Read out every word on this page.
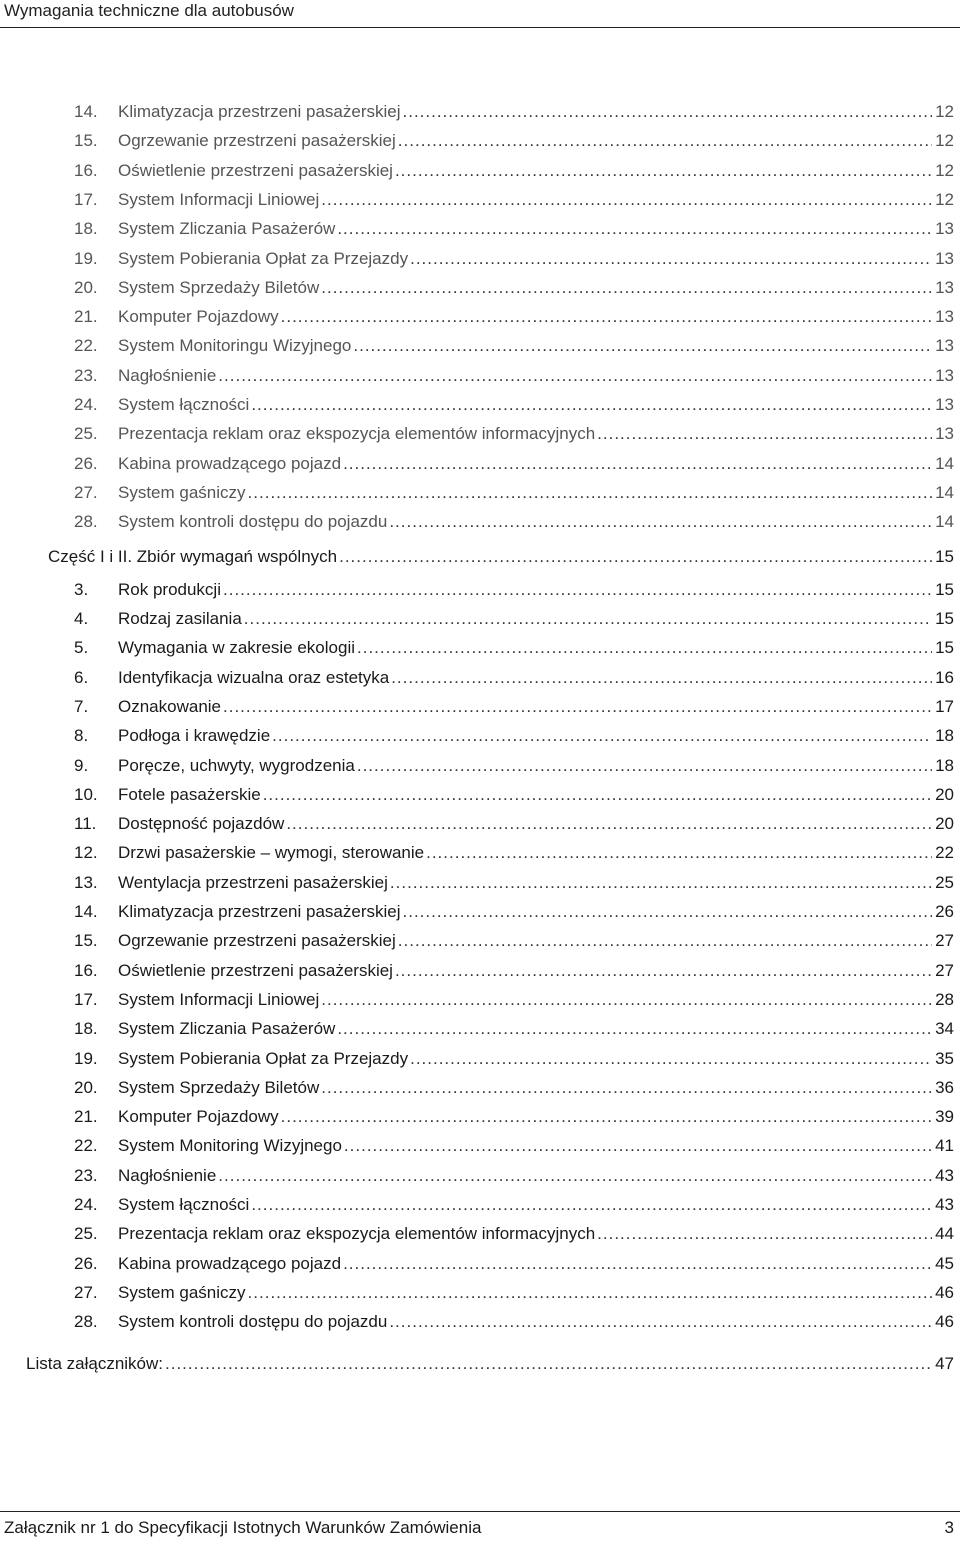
Wymagania techniczne dla autobusów
14.	Klimatyzacja przestrzeni pasażerskiej .....	12
15.	Ogrzewanie przestrzeni pasażerskiej .....	12
16.	Oświetlenie przestrzeni pasażerskiej .....	12
17.	System Informacji Liniowej .....	12
18.	System Zliczania Pasażerów .....	13
19.	System Pobierania Opłat za Przejazdy .....	13
20.	System Sprzedaży Biletów .....	13
21.	Komputer Pojazdowy .....	13
22.	System Monitoringu Wizyjnego .....	13
23.	Nagłośnienie .....	13
24.	System łączności .....	13
25.	Prezentacja reklam oraz ekspozycja elementów informacyjnych .....	13
26.	Kabina prowadzącego pojazd .....	14
27.	System gaśniczy .....	14
28.	System kontroli dostępu do pojazdu .....	14
Część I i II. Zbiór wymagań wspólnych .....	15
3.	Rok produkcji .....	15
4.	Rodzaj zasilania .....	15
5.	Wymagania w zakresie ekologii .....	15
6.	Identyfikacja wizualna oraz estetyka .....	16
7.	Oznakowanie .....	17
8.	Podłoga i krawędzie .....	18
9.	Poręcze, uchwyty, wygrodzenia .....	18
10.	Fotele pasażerskie .....	20
11.	Dostępność pojazdów .....	20
12.	Drzwi pasażerskie – wymogi, sterowanie .....	22
13.	Wentylacja przestrzeni pasażerskiej .....	25
14.	Klimatyzacja przestrzeni pasażerskiej .....	26
15.	Ogrzewanie przestrzeni pasażerskiej .....	27
16.	Oświetlenie przestrzeni pasażerskiej .....	27
17.	System Informacji Liniowej .....	28
18.	System Zliczania Pasażerów .....	34
19.	System Pobierania Opłat za Przejazdy .....	35
20.	System Sprzedaży Biletów .....	36
21.	Komputer Pojazdowy .....	39
22.	System Monitoring Wizyjnego .....	41
23.	Nagłośnienie .....	43
24.	System łączności .....	43
25.	Prezentacja reklam oraz ekspozycja elementów informacyjnych .....	44
26.	Kabina prowadzącego pojazd .....	45
27.	System gaśniczy .....	46
28.	System kontroli dostępu do pojazdu .....	46
Lista załączników: .....	47
Załącznik nr 1 do Specyfikacji Istotnych Warunków Zamówienia	3
